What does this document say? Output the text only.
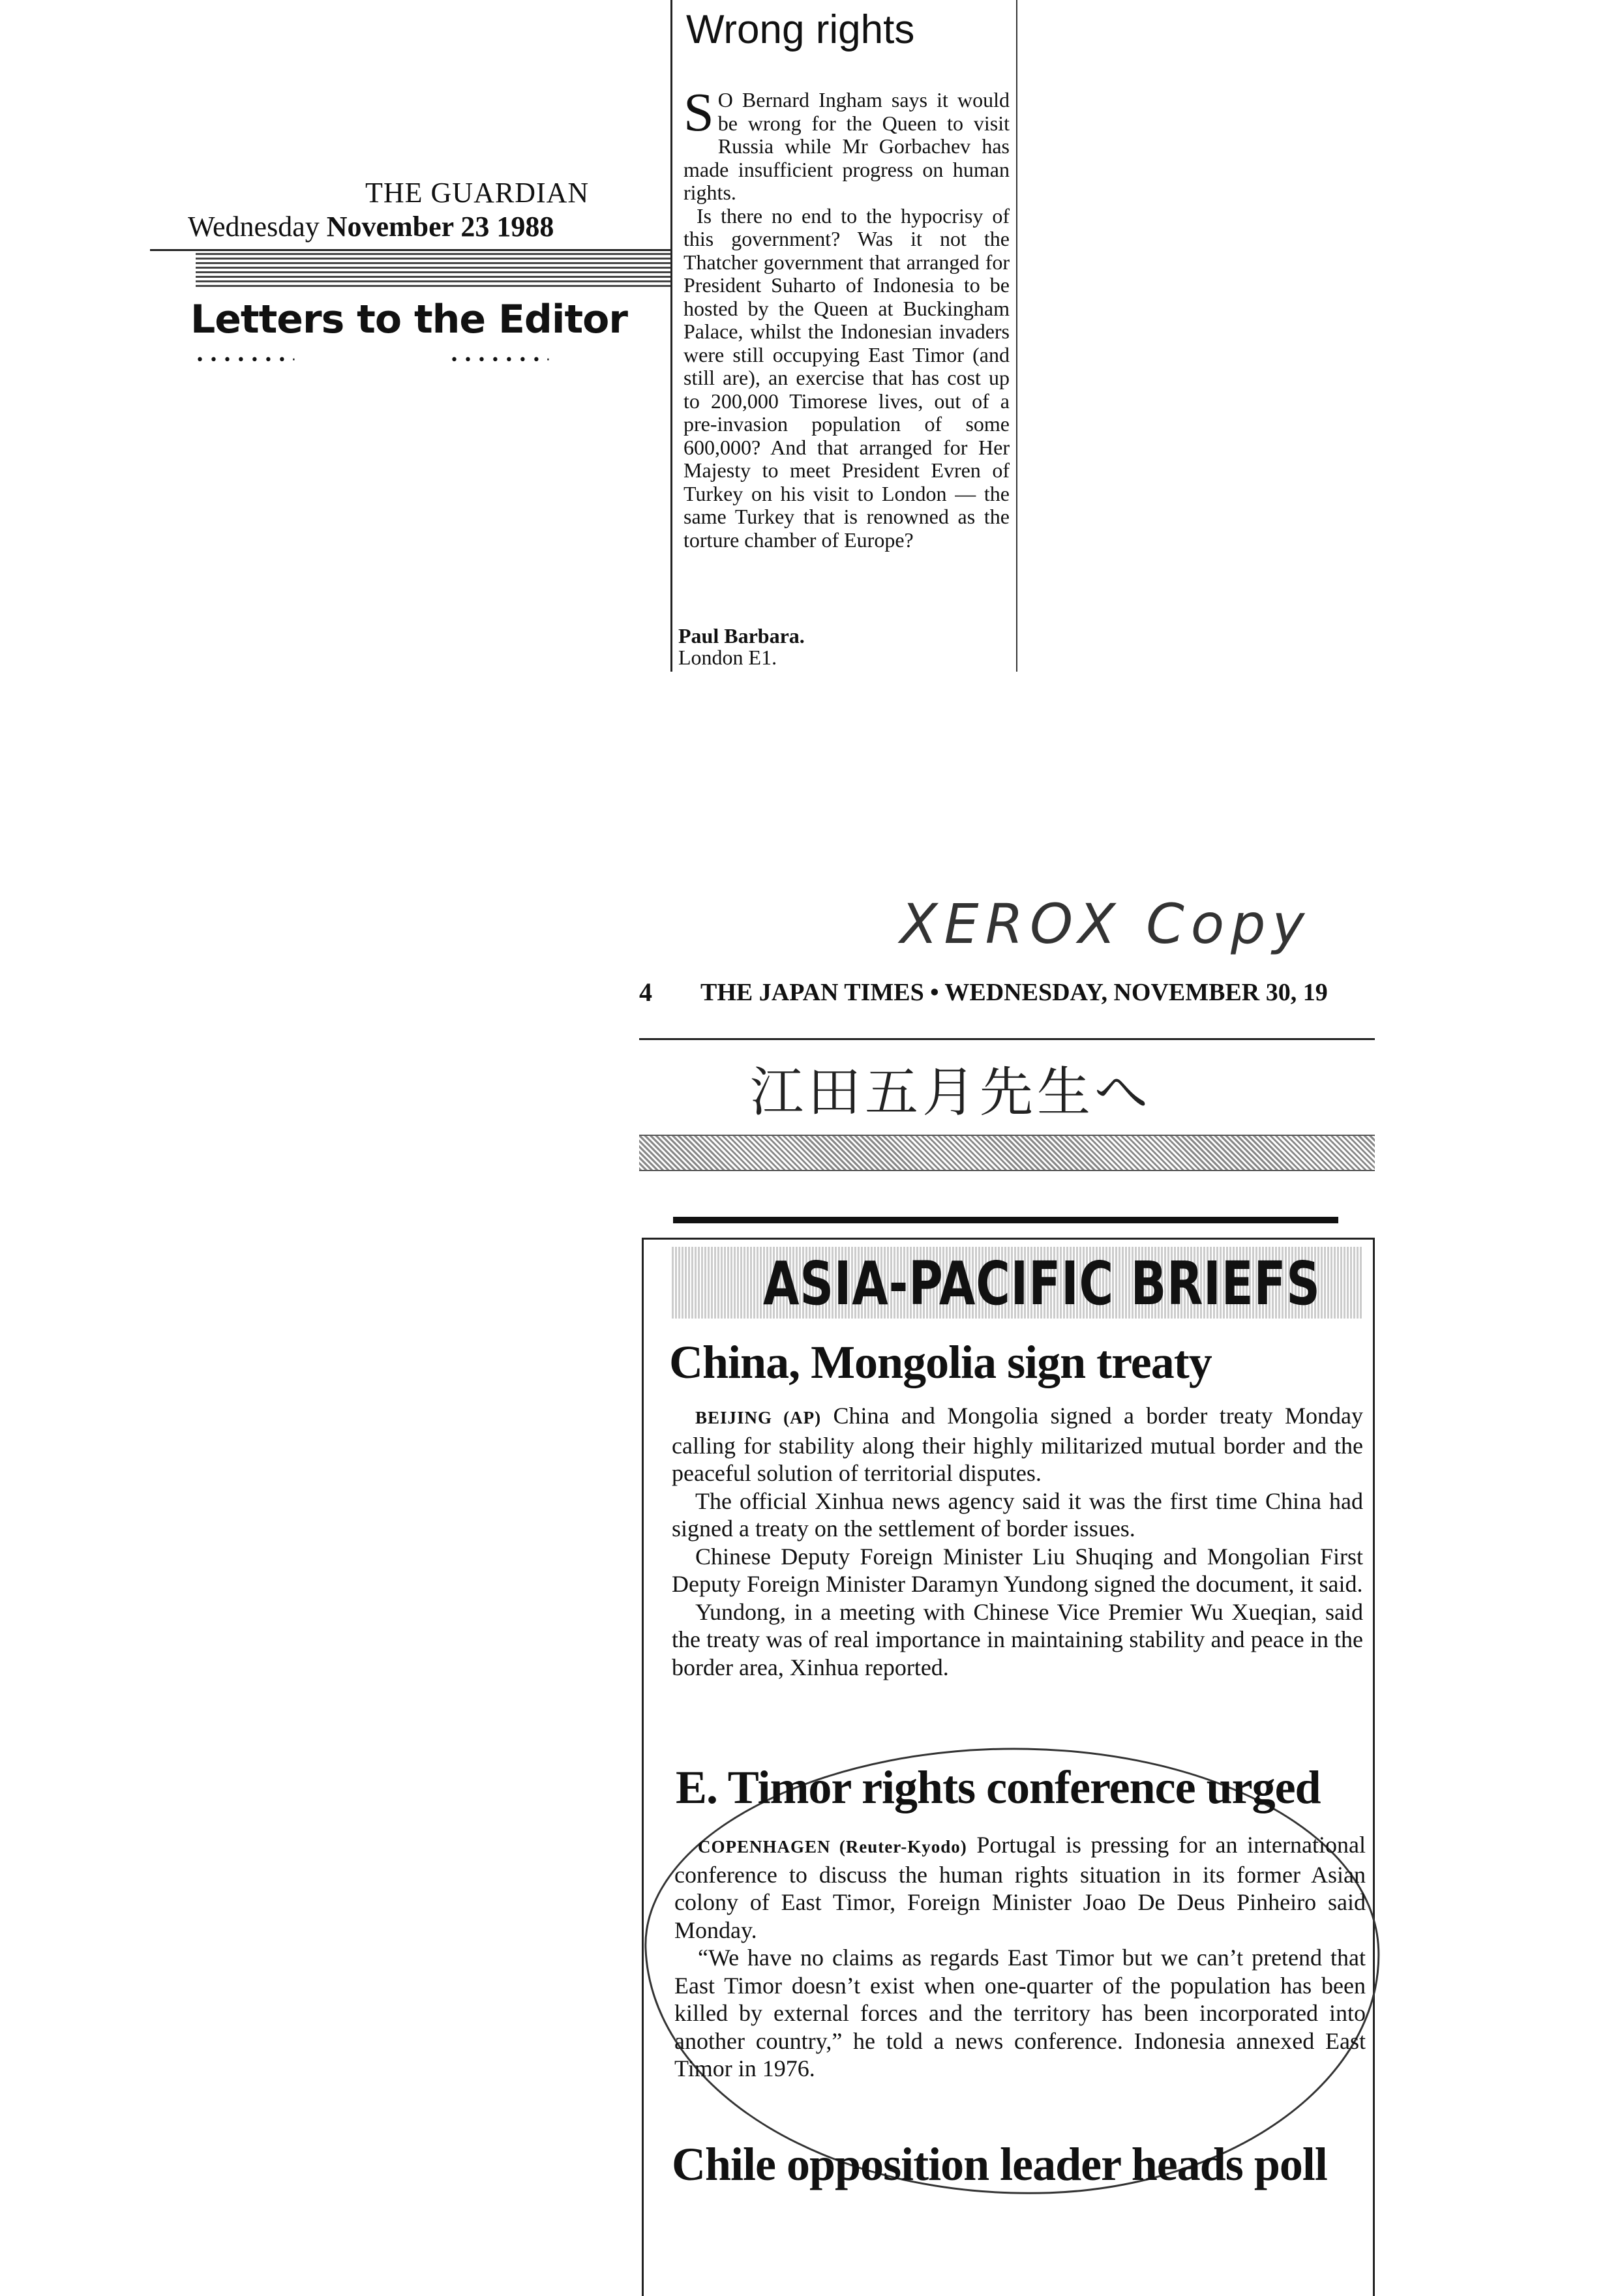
THE GUARDIAN
Wednesday November 23 1988
Letters to the Editor
•••••••·	•••••••·
Wrong rights

S O Bernard Ingham says it would be wrong for the Queen to visit Russia while Mr Gorbachev has made insufficient progress on human rights.

Is there no end to the hypocrisy of this government? Was it not the Thatcher government that arranged for President Suharto of Indonesia to be hosted by the Queen at Buckingham Palace, whilst the Indonesian invaders were still occupying East Timor (and still are), an exercise that has cost up to 200,000 Timorese lives, out of a pre-invasion population of some 600,000? And that arranged for Her Majesty to meet President Evren of Turkey on his visit to London — the same Turkey that is renowned as the torture chamber of Europe?

Paul Barbara.
London E1.
XEROX Copy
江田五月先生へ
4 THE JAPAN TIMES • WEDNESDAY, NOVEMBER 30, 19
ASIA-PACIFIC BRIEFS
China, Mongolia sign treaty

BEIJING (AP) China and Mongolia signed a border treaty Monday calling for stability along their highly militarized mutual border and the peaceful solution of territorial disputes.

The official Xinhua news agency said it was the first time China had signed a treaty on the settlement of border issues.

Chinese Deputy Foreign Minister Liu Shuqing and Mongolian First Deputy Foreign Minister Daramyn Yundong signed the document, it said.

Yundong, in a meeting with Chinese Vice Premier Wu Xueqian, said the treaty was of real importance in maintaining stability and peace in the border area, Xinhua reported.

E. Timor rights conference urged

COPENHAGEN (Reuter-Kyodo) Portugal is pressing for an international conference to discuss the human rights situation in its former Asian colony of East Timor, Foreign Minister Joao De Deus Pinheiro said Monday.

“We have no claims as regards East Timor but we can’t pretend that East Timor doesn’t exist when one-quarter of the population has been killed by external forces and the territory has been incorporated into another country,” he told a news conference. Indonesia annexed East Timor in 1976.

Chile opposition leader heads poll
